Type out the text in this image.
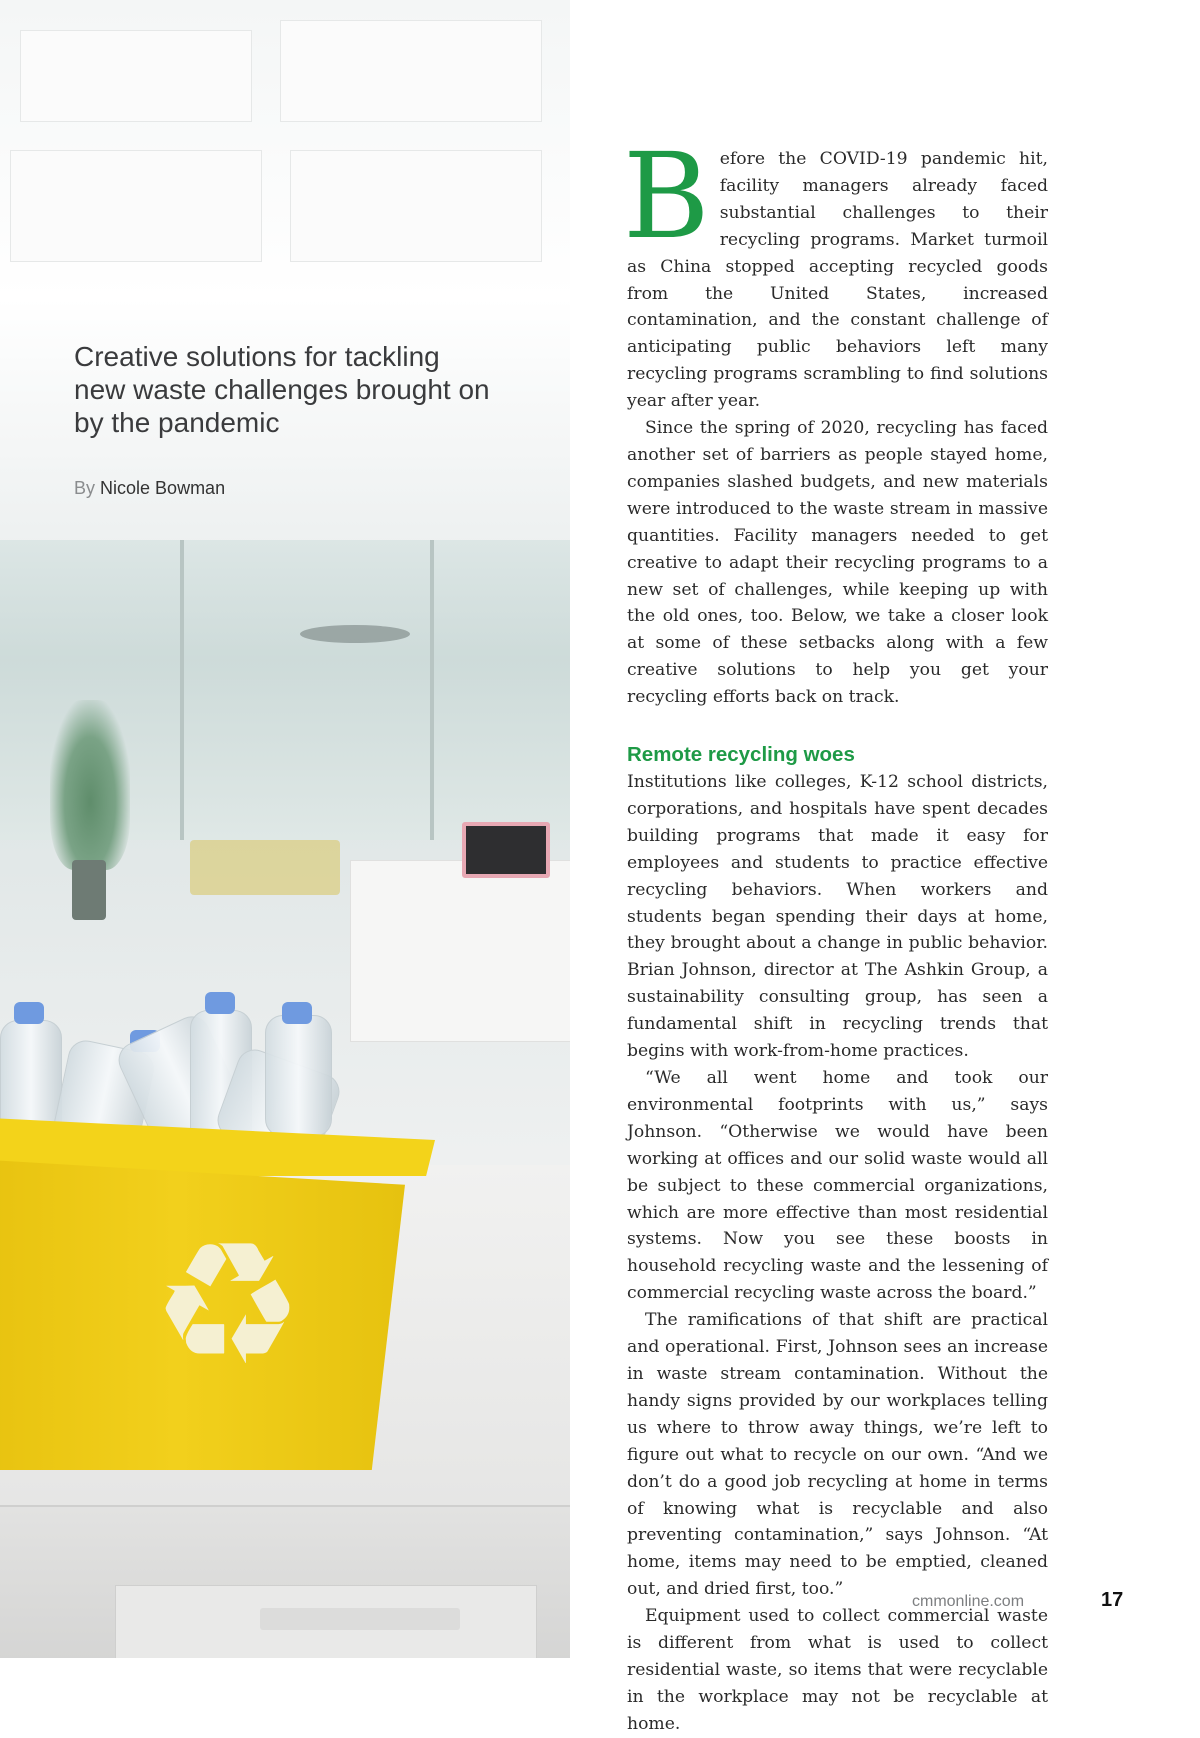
♻
Creative solutions for tackling new waste challenges brought on by the pandemic
By Nicole Bowman

Before the COVID-19 pandemic hit, facility managers already faced substantial challenges to their recycling programs. Market turmoil as China stopped accepting recycled goods from the United States, increased contamination, and the constant challenge of anticipating public behaviors left many recycling programs scrambling to find solutions year after year.

Since the spring of 2020, recycling has faced another set of barriers as people stayed home, companies slashed budgets, and new materials were introduced to the waste stream in massive quantities. Facility managers needed to get creative to adapt their recycling programs to a new set of challenges, while keeping up with the old ones, too. Below, we take a closer look at some of these setbacks along with a few creative solutions to help you get your recycling efforts back on track.

Remote recycling woes

Institutions like colleges, K-12 school districts, corporations, and hospitals have spent decades building programs that made it easy for employees and students to practice effective recycling behaviors. When workers and students began spending their days at home, they brought about a change in public behavior. Brian Johnson, director at The Ashkin Group, a sustainability consulting group, has seen a fundamental shift in recycling trends that begins with work-from-home practices.

“We all went home and took our environmental footprints with us,” says Johnson. “Otherwise we would have been working at offices and our solid waste would all be subject to these commercial organizations, which are more effective than most residential systems. Now you see these boosts in household recycling waste and the lessening of commercial recycling waste across the board.”

The ramifications of that shift are practical and operational. First, Johnson sees an increase in waste stream contamination. Without the handy signs provided by our workplaces telling us where to throw away things, we’re left to figure out what to recycle on our own. “And we don’t do a good job recycling at home in terms of knowing what is recyclable and also preventing contamination,” says Johnson. “At home, items may need to be emptied, cleaned out, and dried first, too.”

Equipment used to collect commercial waste is different from what is used to collect residential waste, so items that were recyclable in the workplace may not be recyclable at home.

cmmonline.com	17
